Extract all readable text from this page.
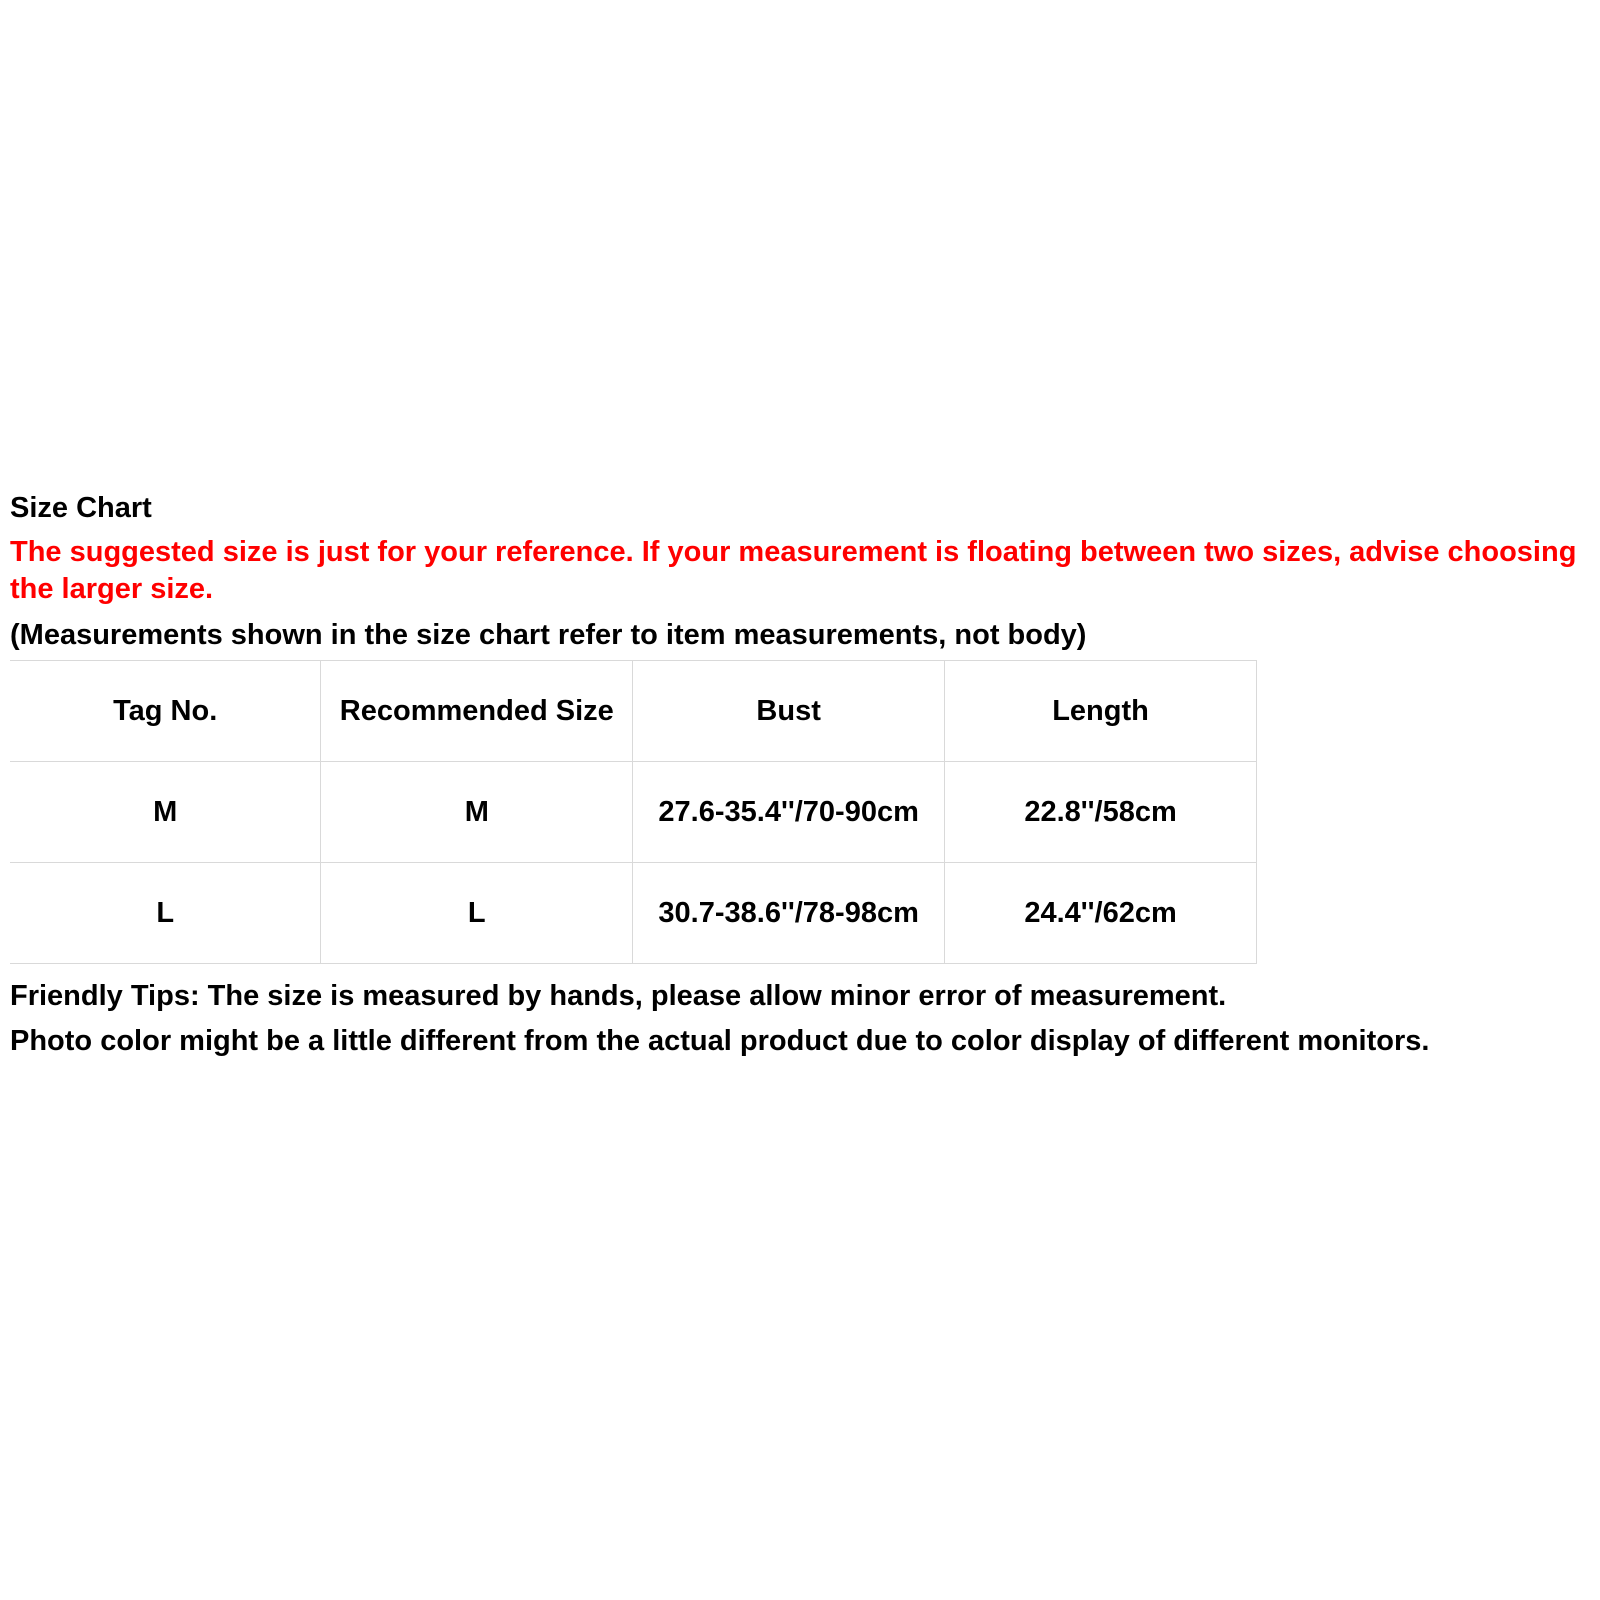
Size Chart
The suggested size is just for your reference. If your measurement is floating between two sizes, advise choosing the larger size.
(Measurements shown in the size chart refer to item measurements, not body)
Tag No.	Recommended Size	Bust	Length
M	M	27.6-35.4''/70-90cm	22.8''/58cm
L	L	30.7-38.6''/78-98cm	24.4''/62cm
Friendly Tips: The size is measured by hands, please allow minor error of measurement.
Photo color might be a little different from the actual product due to color display of different monitors.
